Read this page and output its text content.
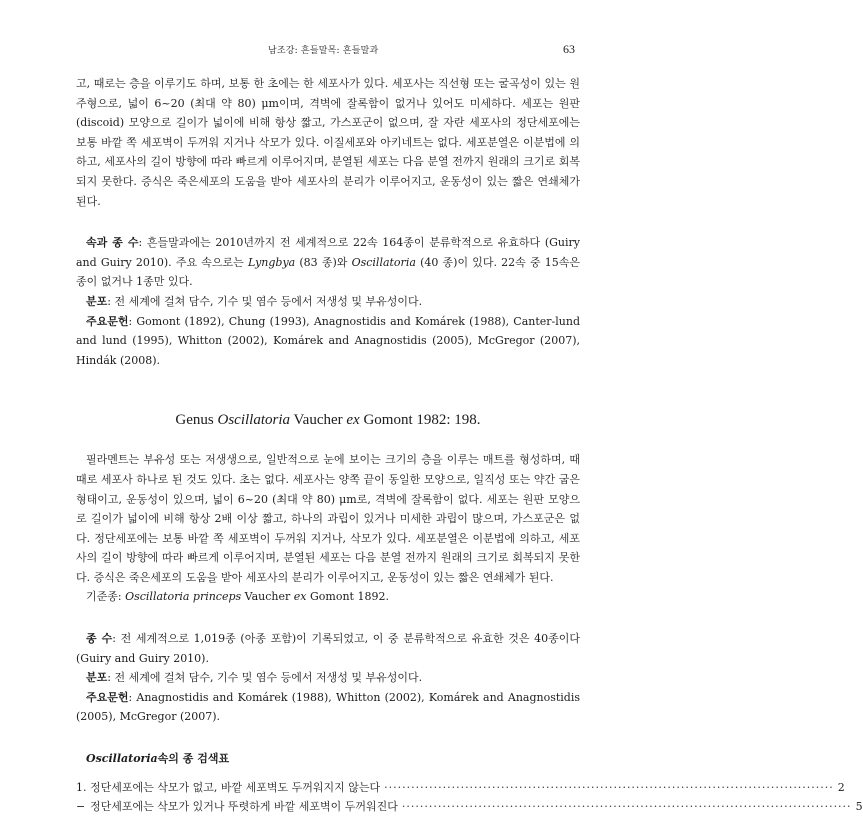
남조강: 흔들말목: 흔들말과	63

고, 때로는 층을 이루기도 하며, 보통 한 초에는 한 세포사가 있다. 세포사는 직선형 또는 굴곡성이 있는 원주형으로, 넓이 6~20 (최대 약 80) μm이며, 격벽에 잘록함이 없거나 있어도 미세하다. 세포는 원판 (discoid) 모양으로 길이가 넓이에 비해 항상 짧고, 가스포군이 없으며, 잘 자란 세포사의 정단세포에는 보통 바깥 쪽 세포벽이 두꺼워 지거나 삭모가 있다. 이질세포와 아키네트는 없다. 세포분열은 이분법에 의하고, 세포사의 길이 방향에 따라 빠르게 이루어지며, 분열된 세포는 다음 분열 전까지 원래의 크기로 회복되지 못한다. 증식은 죽은세포의 도움을 받아 세포사의 분리가 이루어지고, 운동성이 있는 짧은 연쇄체가 된다.

속과 종 수: 흔들말과에는 2010년까지 전 세계적으로 22속 164종이 분류학적으로 유효하다 (Guiry and Guiry 2010). 주요 속으로는 Lyngbya (83 종)와 Oscillatoria (40 종)이 있다. 22속 중 15속은 종이 없거나 1종만 있다.

분포: 전 세계에 걸쳐 담수, 기수 및 염수 등에서 저생성 및 부유성이다.

주요문헌: Gomont (1892), Chung (1993), Anagnostidis and Komárek (1988), Canter-lund and lund (1995), Whitton (2002), Komárek and Anagnostidis (2005), McGregor (2007), Hindák (2008).

Genus Oscillatoria Vaucher ex Gomont 1982: 198.

필라멘트는 부유성 또는 저생생으로, 일반적으로 눈에 보이는 크기의 층을 이루는 매트를 형성하며, 때때로 세포사 하나로 된 것도 있다. 초는 없다. 세포사는 양쪽 끝이 동일한 모양으로, 일직성 또는 약간 굽은 형태이고, 운동성이 있으며, 넓이 6~20 (최대 약 80) μm로, 격벽에 잘록함이 없다. 세포는 원판 모양으로 길이가 넓이에 비해 항상 2배 이상 짧고, 하나의 과립이 있거나 미세한 과립이 많으며, 가스포군은 없다. 정단세포에는 보통 바깥 쪽 세포벽이 두꺼워 지거나, 삭모가 있다. 세포분열은 이분법에 의하고, 세포사의 길이 방향에 따라 빠르게 이루어지며, 분열된 세포는 다음 분열 전까지 원래의 크기로 회복되지 못한다. 증식은 죽은세포의 도움을 받아 세포사의 분리가 이루어지고, 운동성이 있는 짧은 연쇄체가 된다.

기준종: Oscillatoria princeps Vaucher ex Gomont 1892.

종 수: 전 세계적으로 1,019종 (아종 포함)이 기록되었고, 이 중 분류학적으로 유효한 것은 40종이다 (Guiry and Guiry 2010).

분포: 전 세계에 걸쳐 담수, 기수 및 염수 등에서 저생성 및 부유성이다.

주요문헌: Anagnostidis and Komárek (1988), Whitton (2002), Komárek and Anagnostidis (2005), McGregor (2007).

Oscillatoria속의 종 검색표

1. 정단세포에는 삭모가 없고, 바깥 세포벽도 두꺼워지지 않는다 ···································································································· 2
− 정단세포에는 삭모가 있거나 뚜렷하게 바깥 세포벽이 두꺼워진다 ···································································································· 5
